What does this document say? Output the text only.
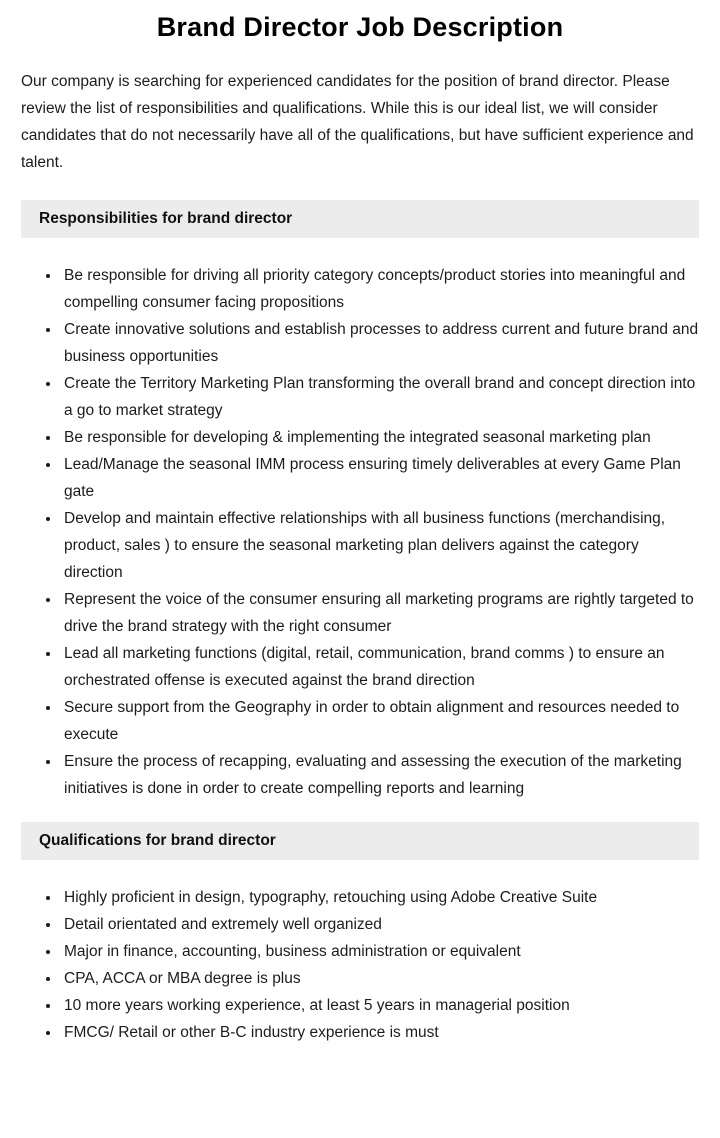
Brand Director Job Description

Our company is searching for experienced candidates for the position of brand director. Please review the list of responsibilities and qualifications. While this is our ideal list, we will consider candidates that do not necessarily have all of the qualifications, but have sufficient experience and talent.

Responsibilities for brand director
• Be responsible for driving all priority category concepts/product stories into meaningful and compelling consumer facing propositions
• Create innovative solutions and establish processes to address current and future brand and business opportunities
• Create the Territory Marketing Plan transforming the overall brand and concept direction into a go to market strategy
• Be responsible for developing & implementing the integrated seasonal marketing plan
• Lead/Manage the seasonal IMM process ensuring timely deliverables at every Game Plan gate
• Develop and maintain effective relationships with all business functions (merchandising, product, sales ) to ensure the seasonal marketing plan delivers against the category direction
• Represent the voice of the consumer ensuring all marketing programs are rightly targeted to drive the brand strategy with the right consumer
• Lead all marketing functions (digital, retail, communication, brand comms ) to ensure an orchestrated offense is executed against the brand direction
• Secure support from the Geography in order to obtain alignment and resources needed to execute
• Ensure the process of recapping, evaluating and assessing the execution of the marketing initiatives is done in order to create compelling reports and learning
Qualifications for brand director
• Highly proficient in design, typography, retouching using Adobe Creative Suite
• Detail orientated and extremely well organized
• Major in finance, accounting, business administration or equivalent
• CPA, ACCA or MBA degree is plus
• 10 more years working experience, at least 5 years in managerial position
• FMCG/ Retail or other B-C industry experience is must
